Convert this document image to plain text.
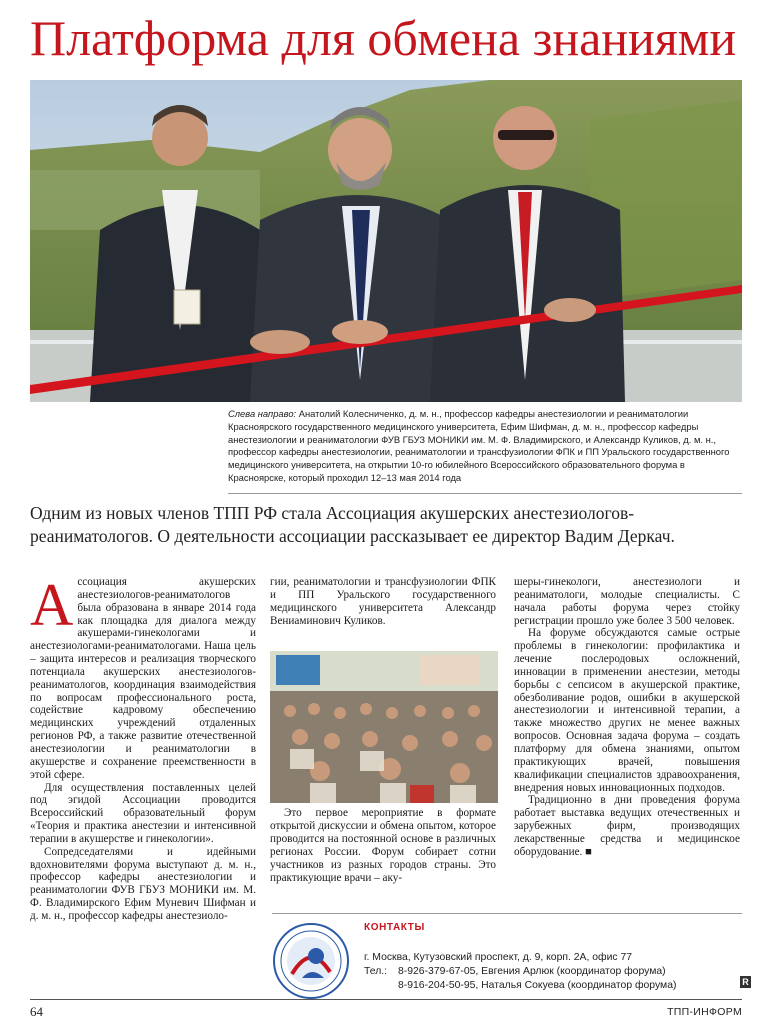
Платформа для обмена знаниями
Слева направо: Анатолий Колесниченко, д. м. н., профессор кафедры анестезиологии и реаниматологии Красноярского государственного медицинского университета, Ефим Шифман, д. м. н., профессор кафедры анестезиологии и реаниматологии ФУВ ГБУЗ МОНИКИ им. М. Ф. Владимирского, и Александр Куликов, д. м. н., профессор кафедры анестезиологии, реаниматологии и трансфузиологии ФПК и ПП Уральского государственного медицинского университета, на открытии 10-го юбилейного Всероссийского образовательного форума в Красноярске, который проходил 12–13 мая 2014 года
Одним из новых членов ТПП РФ стала Ассоциация акушерских анестезиологов-реаниматологов. О деятельности ассоциации рассказывает ее директор Вадим Деркач.

Ассоциация акушерских анестезиологов-реаниматологов была образована в январе 2014 года как площадка для диалога между акушерами-гинекологами и анестезиологами-реаниматологами. Наша цель – защита интересов и реализация творческого потенциала акушерских анестезиологов-реаниматологов, координация взаимодействия по вопросам профессионального роста, содействие кадровому обеспечению медицинских учреждений отдаленных регионов РФ, а также развитие отечественной анестезиологии и реаниматологии в акушерстве и сохранение преемственности в этой сфере.

Для осуществления поставленных целей под эгидой Ассоциации проводится Всероссийский образовательный форум «Теория и практика анестезии и интенсивной терапии в акушерстве и гинекологии».

Сопредседателями и идейными вдохновителями форума выступают д. м. н., профессор кафедры анестезиологии и реаниматологии ФУВ ГБУЗ МОНИКИ им. М. Ф. Владимирского Ефим Муневич Шифман и д. м. н., профессор кафедры анестезиоло-

гии, реаниматологии и трансфузиологии ФПК и ПП Уральского государственного медицинского университета Александр Вениаминович Куликов.

Это первое мероприятие в формате открытой дискуссии и обмена опытом, которое проводится на постоянной основе в различных регионах России. Форум собирает сотни участников из разных городов страны. Это практикующие врачи – аку-

шеры-гинекологи, анестезиологи и реаниматологи, молодые специалисты. С начала работы форума через стойку регистрации прошло уже более 3 500 человек.

На форуме обсуждаются самые острые проблемы в гинекологии: профилактика и лечение послеродовых осложнений, инновации в применении анестезии, методы борьбы с сепсисом в акушерской практике, обезболивание родов, ошибки в акушерской анестезиологии и интенсивной терапии, а также множество других не менее важных вопросов. Основная задача форума – создать платформу для обмена знаниями, опытом практикующих врачей, повышения квалификации специалистов здравоохранения, внедрения новых инновационных подходов.

Традиционно в дни проведения форума работает выставка ведущих отечественных и зарубежных фирм, производящих лекарственные средства и медицинское оборудование. ■

КОНТАКТЫ
г. Москва, Кутузовский проспект, д. 9, корп. 2А, офис 77
Тел.:	8-926-379-67-05, Евгения Арлюк (координатор форума)
8-916-204-50-95, Наталья Сокуева (координатор форума)	R
64	ТПП-ИНФОРМ
